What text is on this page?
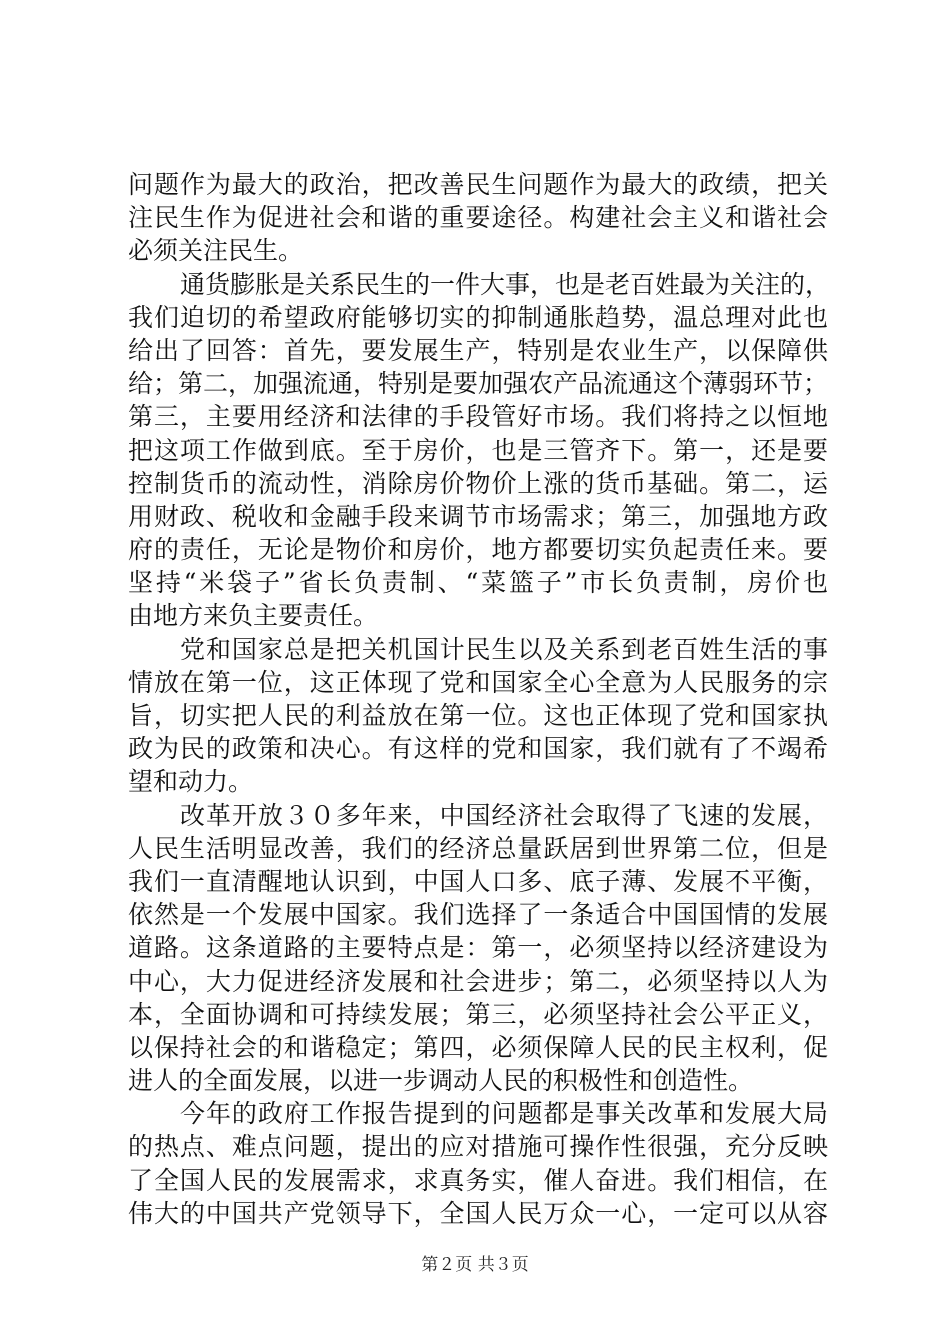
问题作为最大的政治，把改善民生问题作为最大的政绩，把关
注民生作为促进社会和谐的重要途径。构建社会主义和谐社会
必须关注民生。
通货膨胀是关系民生的一件大事，也是老百姓最为关注的，
我们迫切的希望政府能够切实的抑制通胀趋势，温总理对此也
给出了回答：首先，要发展生产，特别是农业生产，以保障供
给；第二，加强流通，特别是要加强农产品流通这个薄弱环节；
第三，主要用经济和法律的手段管好市场。我们将持之以恒地
把这项工作做到底。至于房价，也是三管齐下。第一，还是要
控制货币的流动性，消除房价物价上涨的货币基础。第二，运
用财政、税收和金融手段来调节市场需求；第三，加强地方政
府的责任，无论是物价和房价，地方都要切实负起责任来。要
坚持“米袋子”省长负责制、“菜篮子”市长负责制，房价也
由地方来负主要责任。
党和国家总是把关机国计民生以及关系到老百姓生活的事
情放在第一位，这正体现了党和国家全心全意为人民服务的宗
旨，切实把人民的利益放在第一位。这也正体现了党和国家执
政为民的政策和决心。有这样的党和国家，我们就有了不竭希
望和动力。
改革开放３０多年来，中国经济社会取得了飞速的发展，
人民生活明显改善，我们的经济总量跃居到世界第二位，但是
我们一直清醒地认识到，中国人口多、底子薄、发展不平衡，
依然是一个发展中国家。我们选择了一条适合中国国情的发展
道路。这条道路的主要特点是：第一，必须坚持以经济建设为
中心，大力促进经济发展和社会进步；第二，必须坚持以人为
本，全面协调和可持续发展；第三，必须坚持社会公平正义，
以保持社会的和谐稳定；第四，必须保障人民的民主权利，促
进人的全面发展，以进一步调动人民的积极性和创造性。
今年的政府工作报告提到的问题都是事关改革和发展大局
的热点、难点问题，提出的应对措施可操作性很强，充分反映
了全国人民的发展需求，求真务实，催人奋进。我们相信，在
伟大的中国共产党领导下，全国人民万众一心，一定可以从容
第２页 共３页
